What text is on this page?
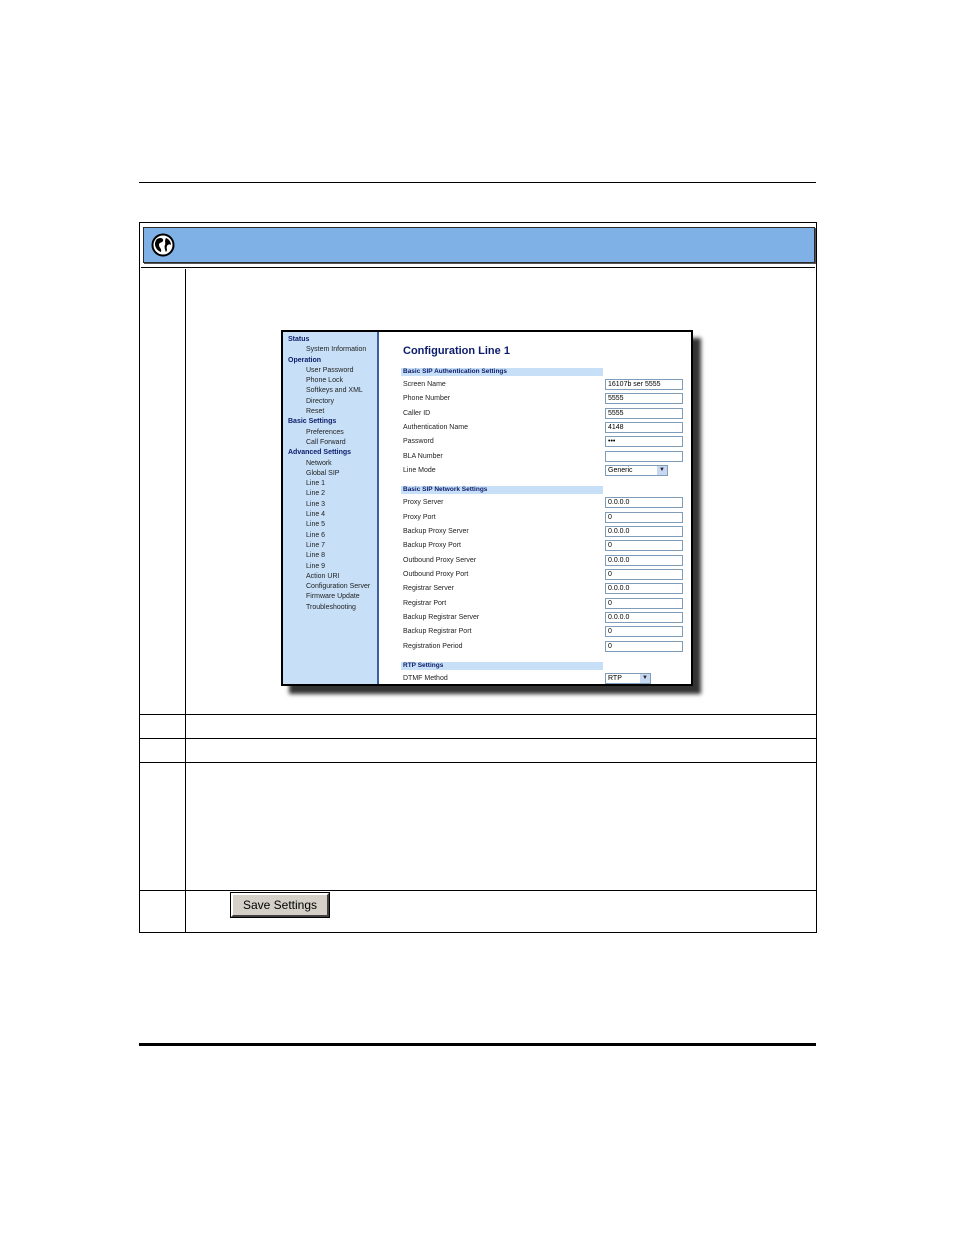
Status
System Information
Operation
User Password
Phone Lock
Softkeys and XML
Directory
Reset
Basic Settings
Preferences
Call Forward
Advanced Settings
Network
Global SIP
Line 1
Line 2
Line 3
Line 4
Line 5
Line 6
Line 7
Line 8
Line 9
Action URI
Configuration Server
Firmware Update
Troubleshooting
Configuration Line 1
Basic SIP Authentication Settings
Screen Name	16107b ser 5555
Phone Number	5555
Caller ID	5555
Authentication Name	4148
Password	•••
BLA Number
Line Mode	Generic	▼
Basic SIP Network Settings
Proxy Server	0.0.0.0
Proxy Port	0
Backup Proxy Server	0.0.0.0
Backup Proxy Port	0
Outbound Proxy Server	0.0.0.0
Outbound Proxy Port	0
Registrar Server	0.0.0.0
Registrar Port	0
Backup Registrar Server	0.0.0.0
Backup Registrar Port	0
Registration Period	0
RTP Settings
DTMF Method	RTP	▼
Save Settings
